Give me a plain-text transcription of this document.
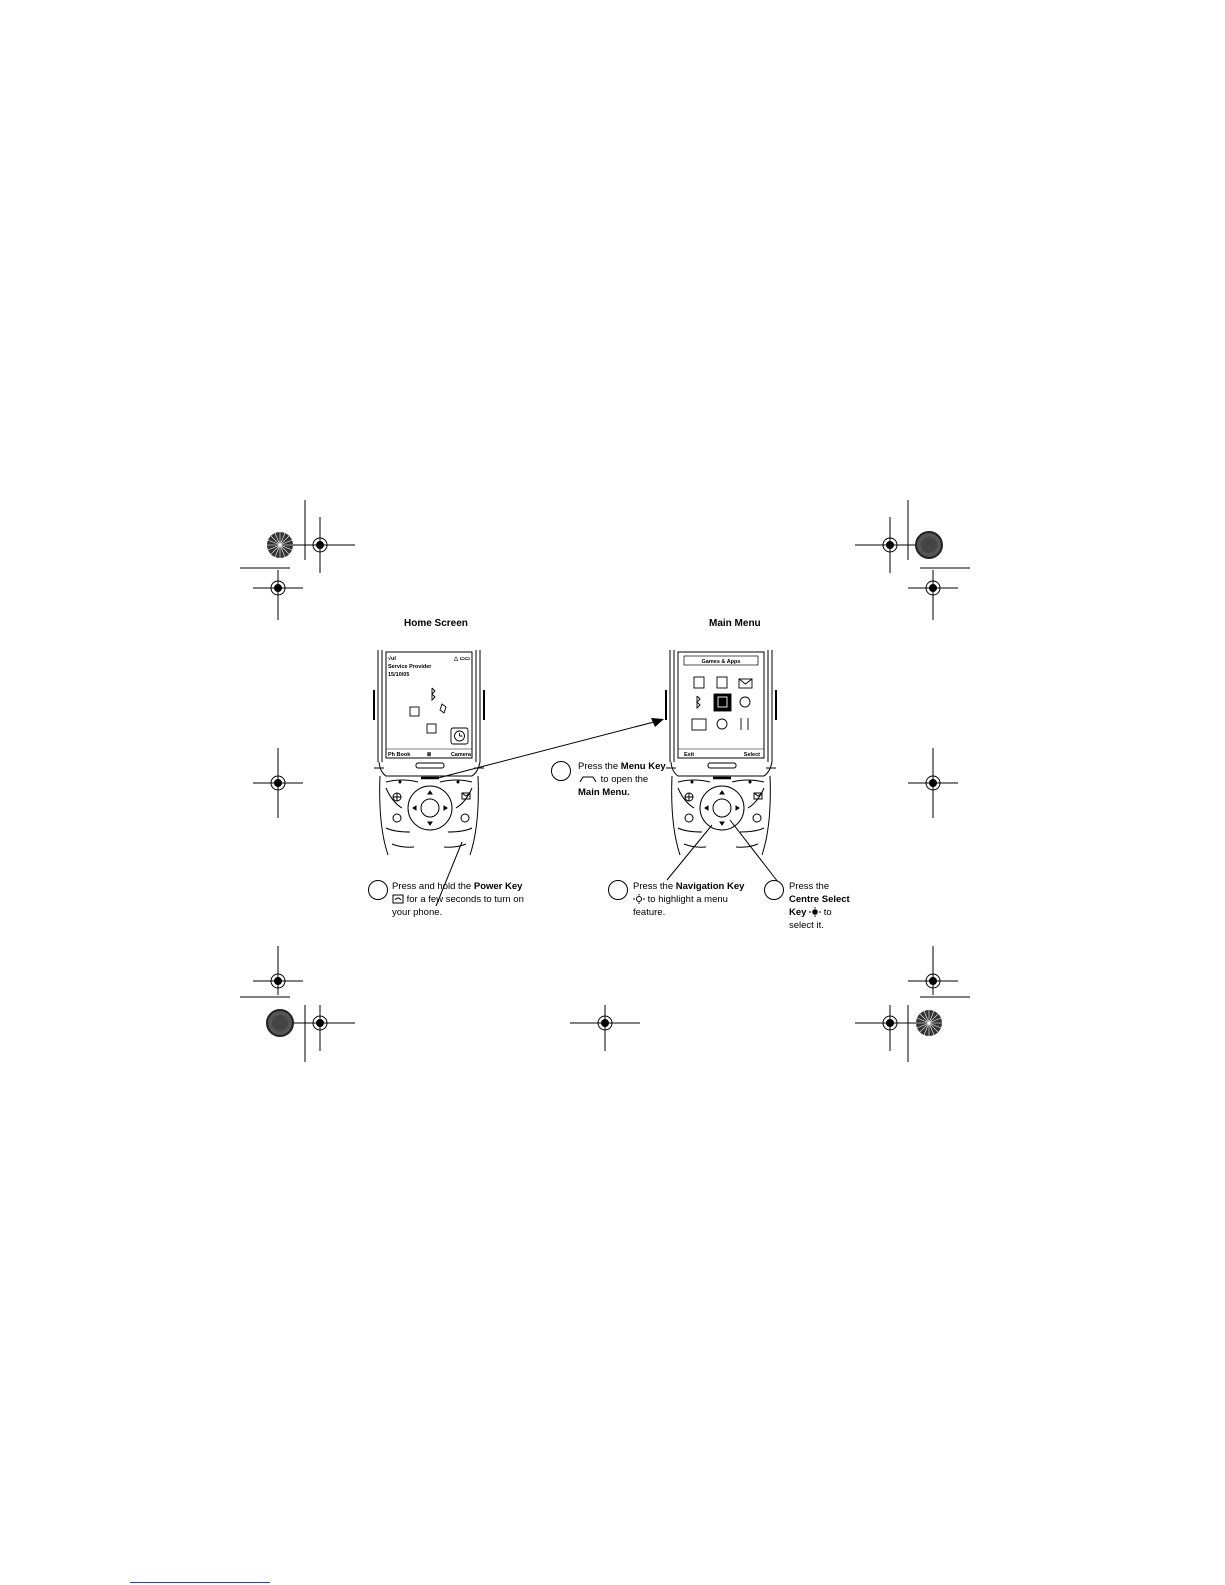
Home Screen	Main Menu
√ul	△ ▭▭
Service Provider
15/10/05
Ph Book	≣	Camera
Games & Apps
Exit	Select
Press the Menu Key
to open the Main Menu.
Press and hold the Power Key  for a few seconds to turn on your phone.
Press the Navigation Key  to highlight a menu feature.
Press the Centre Select Key  to select it.
